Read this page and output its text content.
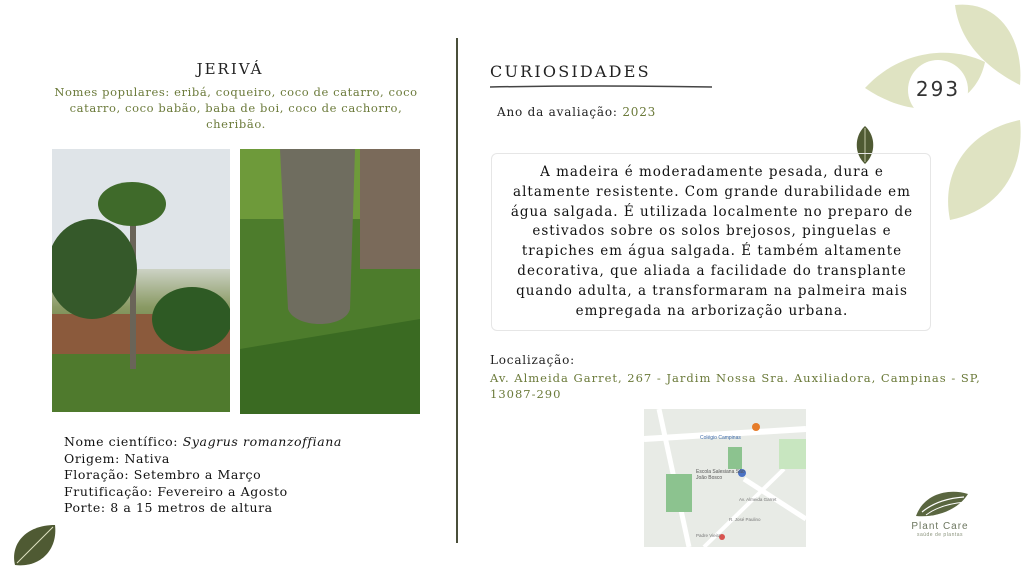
293
JERIVÁ
Nomes populares: eribá, coqueiro, coco de catarro, coco catarro, coco babão, baba de boi, coco de cachorro, cheribão.
Nome científico: Syagrus romanzoffiana
Origem: Nativa
Floração: Setembro a Março
Frutificação: Fevereiro a Agosto
Porte: 8 a 15 metros de altura
CURIOSIDADES
Ano da avaliação: 2023
A madeira é moderadamente pesada, dura e altamente resistente. Com grande durabilidade em água salgada. É utilizada localmente no preparo de estivados sobre os solos brejosos, pinguelas e trapiches em água salgada. É também altamente decorativa, que aliada a facilidade do transplante quando adulta, a transformaram na palmeira mais empregada na arborização urbana.
Localização:
Av. Almeida Garret, 267 - Jardim Nossa Sra. Auxiliadora, Campinas - SP, 13087-290
Colégio Campinas
Escola Salesiana São João Bosco
Av. Almeida Garret
R. José Paulino
Padre Vieira
Plant Care
saúde de plantas
